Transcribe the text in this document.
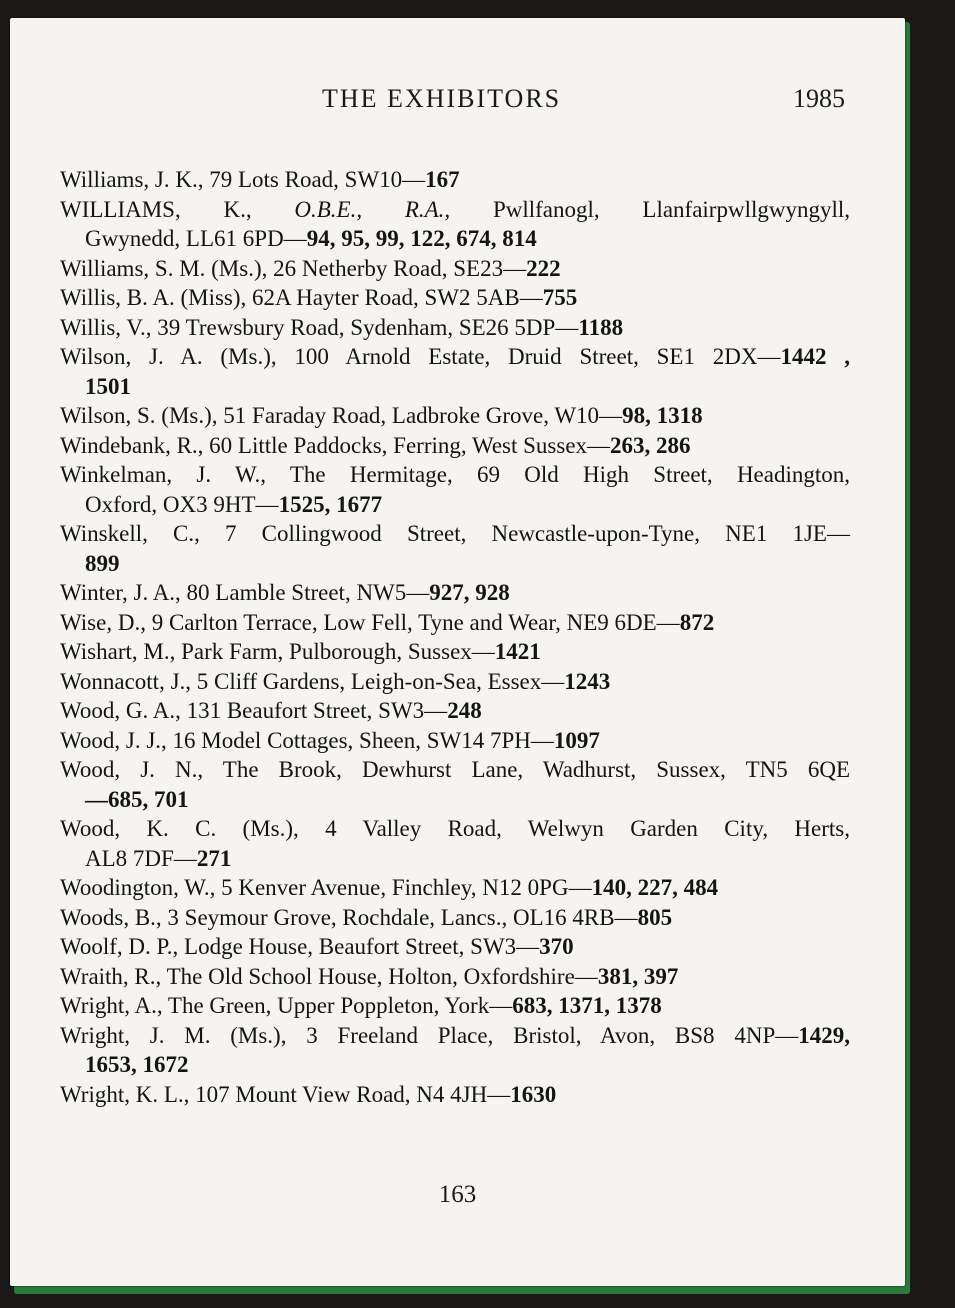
THE EXHIBITORS	1985
Williams, J. K., 79 Lots Road, SW10—167
WILLIAMS, K., O.B.E., R.A., Pwllfanogl, Llanfairpwllgwyngyll,
Gwynedd, LL61 6PD—94, 95, 99, 122, 674, 814
Williams, S. M. (Ms.), 26 Netherby Road, SE23—222
Willis, B. A. (Miss), 62A Hayter Road, SW2 5AB—755
Willis, V., 39 Trewsbury Road, Sydenham, SE26 5DP—1188
Wilson, J. A. (Ms.), 100 Arnold Estate, Druid Street, SE1 2DX—1442 ,
1501
Wilson, S. (Ms.), 51 Faraday Road, Ladbroke Grove, W10—98, 1318
Windebank, R., 60 Little Paddocks, Ferring, West Sussex—263, 286
Winkelman, J. W., The Hermitage, 69 Old High Street, Headington,
Oxford, OX3 9HT—1525, 1677
Winskell, C., 7 Collingwood Street, Newcastle-upon-Tyne, NE1 1JE—
899
Winter, J. A., 80 Lamble Street, NW5—927, 928
Wise, D., 9 Carlton Terrace, Low Fell, Tyne and Wear, NE9 6DE—872
Wishart, M., Park Farm, Pulborough, Sussex—1421
Wonnacott, J., 5 Cliff Gardens, Leigh-on-Sea, Essex—1243
Wood, G. A., 131 Beaufort Street, SW3—248
Wood, J. J., 16 Model Cottages, Sheen, SW14 7PH—1097
Wood, J. N., The Brook, Dewhurst Lane, Wadhurst, Sussex, TN5 6QE
—685, 701
Wood, K. C. (Ms.), 4 Valley Road, Welwyn Garden City, Herts,
AL8 7DF—271
Woodington, W., 5 Kenver Avenue, Finchley, N12 0PG—140, 227, 484
Woods, B., 3 Seymour Grove, Rochdale, Lancs., OL16 4RB—805
Woolf, D. P., Lodge House, Beaufort Street, SW3—370
Wraith, R., The Old School House, Holton, Oxfordshire—381, 397
Wright, A., The Green, Upper Poppleton, York—683, 1371, 1378
Wright, J. M. (Ms.), 3 Freeland Place, Bristol, Avon, BS8 4NP—1429,
1653, 1672
Wright, K. L., 107 Mount View Road, N4 4JH—1630
163
